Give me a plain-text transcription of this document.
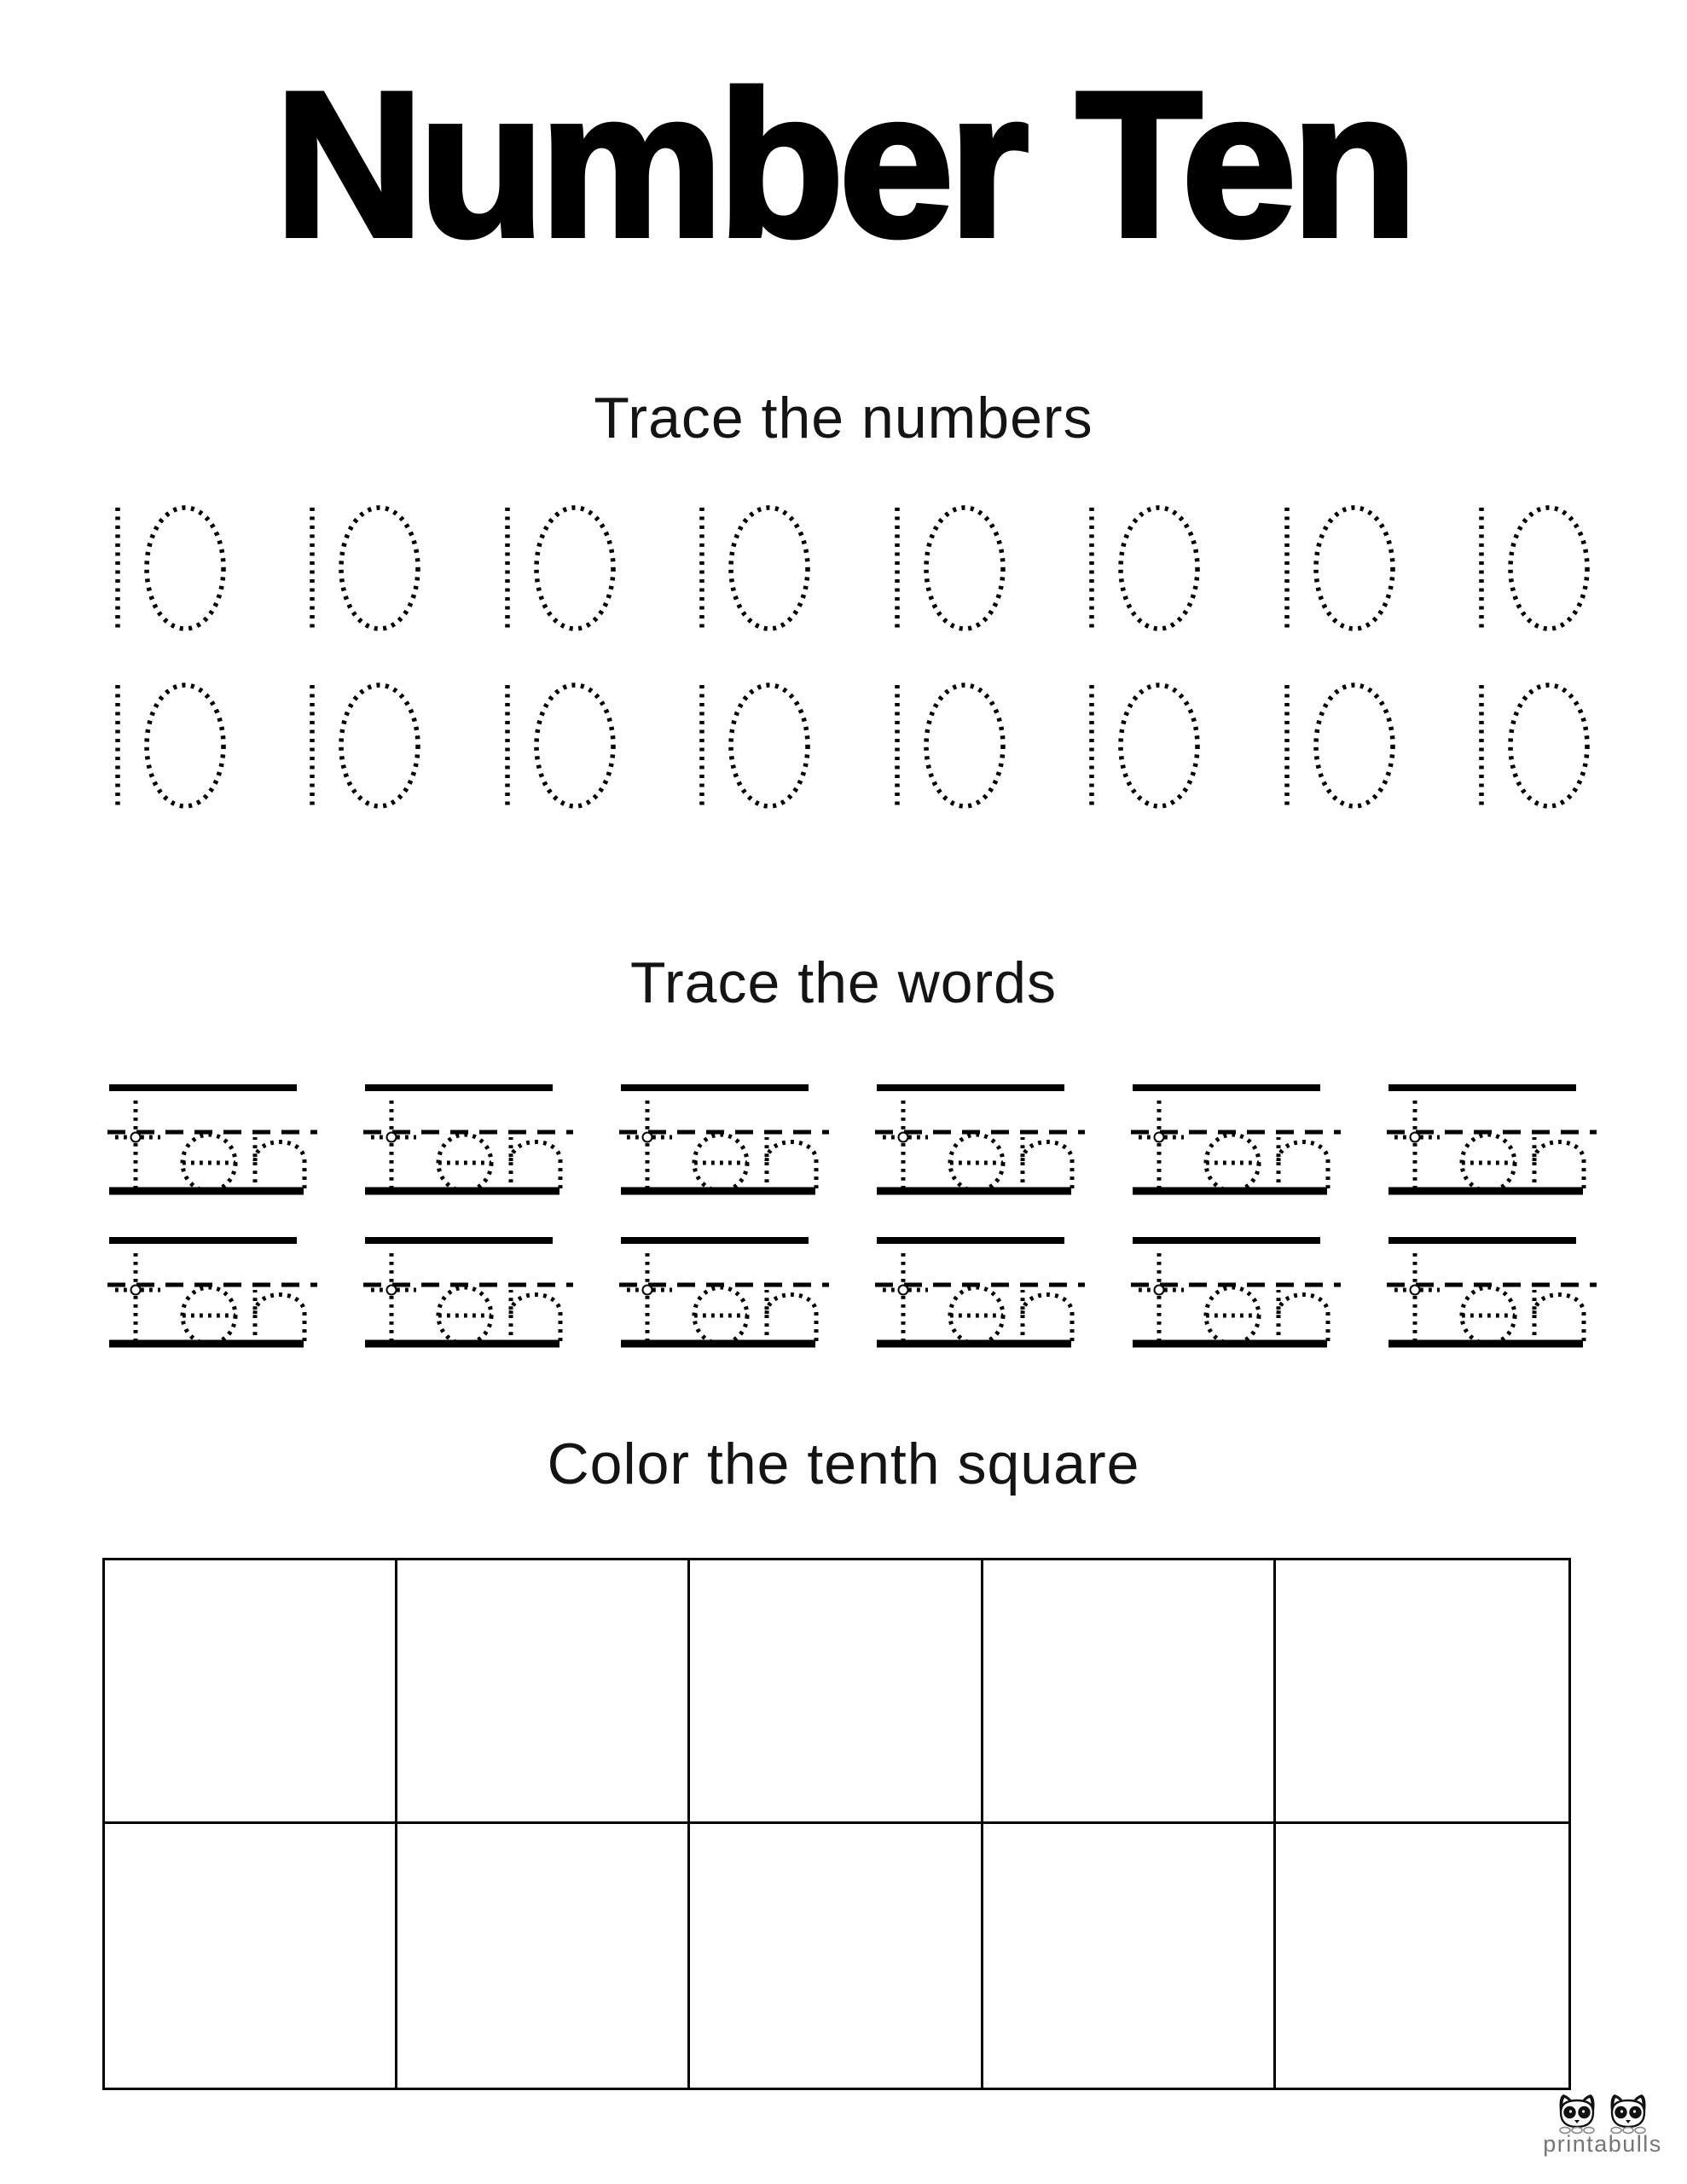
Number Ten
Trace the numbers
Trace the words
Color the tenth square
printabulls
